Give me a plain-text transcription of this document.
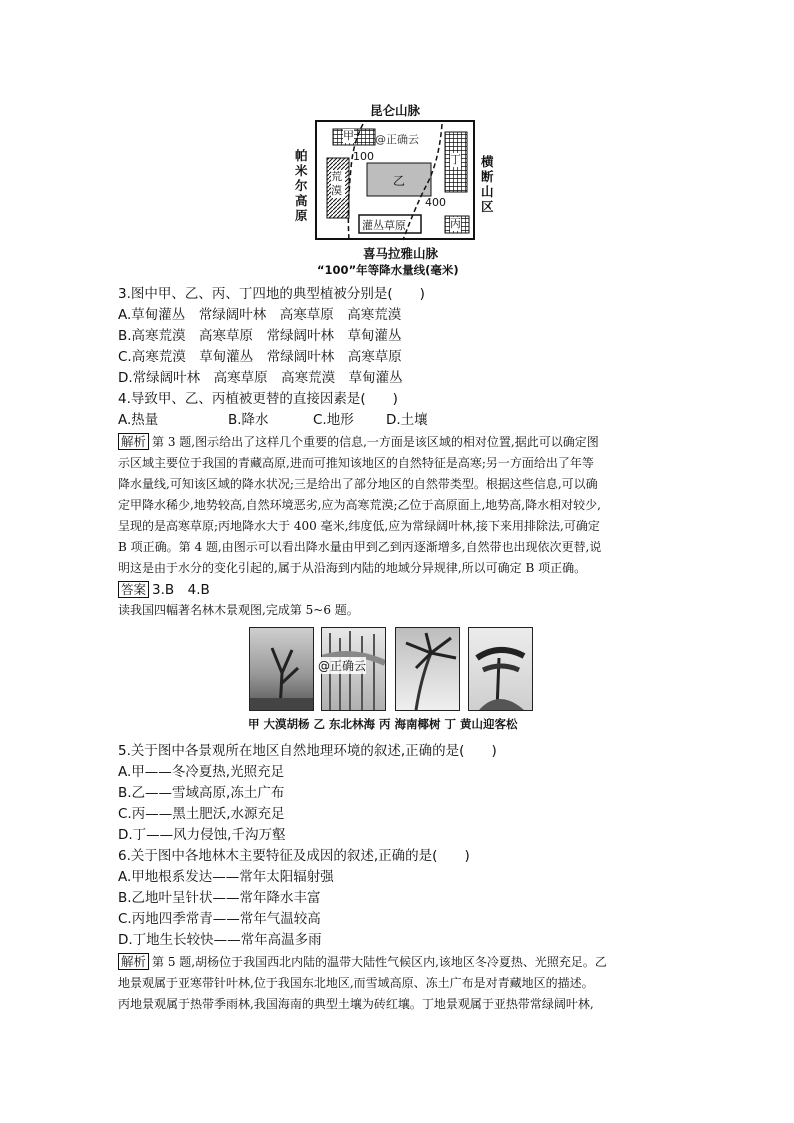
昆仑山脉
帕米尔高原
横断山区
甲 @正确云
100	丁
乙
荒漠
400
灌丛草原	丙
喜马拉雅山脉
“100”年等降水量线(毫米)
3.图中甲、乙、丙、丁四地的典型植被分别是(　　)
A.草甸灌丛　常绿阔叶林　高寒草原　高寒荒漠
B.高寒荒漠　高寒草原　常绿阔叶林　草甸灌丛
C.高寒荒漠　草甸灌丛　常绿阔叶林　高寒草原
D.常绿阔叶林　高寒草原　高寒荒漠　草甸灌丛
4.导致甲、乙、丙植被更替的直接因素是(　　)
A.热量	B.降水	C.地形 D.土壤
解析 第 3 题,图示给出了这样几个重要的信息,一方面是该区域的相对位置,据此可以确定图
示区域主要位于我国的青藏高原,进而可推知该地区的自然特征是高寒;另一方面给出了年等
降水量线,可知该区域的降水状况;三是给出了部分地区的自然带类型。根据这些信息,可以确
定甲降水稀少,地势较高,自然环境恶劣,应为高寒荒漠;乙位于高原面上,地势高,降水相对较少,
呈现的是高寒草原;丙地降水大于 400 毫米,纬度低,应为常绿阔叶林,接下来用排除法,可确定
B 项正确。第 4 题,由图示可以看出降水量由甲到乙到丙逐渐增多,自然带也出现依次更替,说
明这是由于水分的变化引起的,属于从沿海到内陆的地域分异规律,所以可确定 B 项正确。
答案 3.B　4.B
读我国四幅著名林木景观图,完成第 5~6 题。
@正确云
甲 大漠胡杨 乙 东北林海 丙 海南椰树 丁 黄山迎客松
5.关于图中各景观所在地区自然地理环境的叙述,正确的是(　　)
A.甲——冬冷夏热,光照充足
B.乙——雪域高原,冻土广布
C.丙——黑土肥沃,水源充足
D.丁——风力侵蚀,千沟万壑
6.关于图中各地林木主要特征及成因的叙述,正确的是(　　)
A.甲地根系发达——常年太阳辐射强
B.乙地叶呈针状——常年降水丰富
C.丙地四季常青——常年气温较高
D.丁地生长较快——常年高温多雨
解析 第 5 题,胡杨位于我国西北内陆的温带大陆性气候区内,该地区冬冷夏热、光照充足。乙
地景观属于亚寒带针叶林,位于我国东北地区,而雪域高原、冻土广布是对青藏地区的描述。
丙地景观属于热带季雨林,我国海南的典型土壤为砖红壤。丁地景观属于亚热带常绿阔叶林,
